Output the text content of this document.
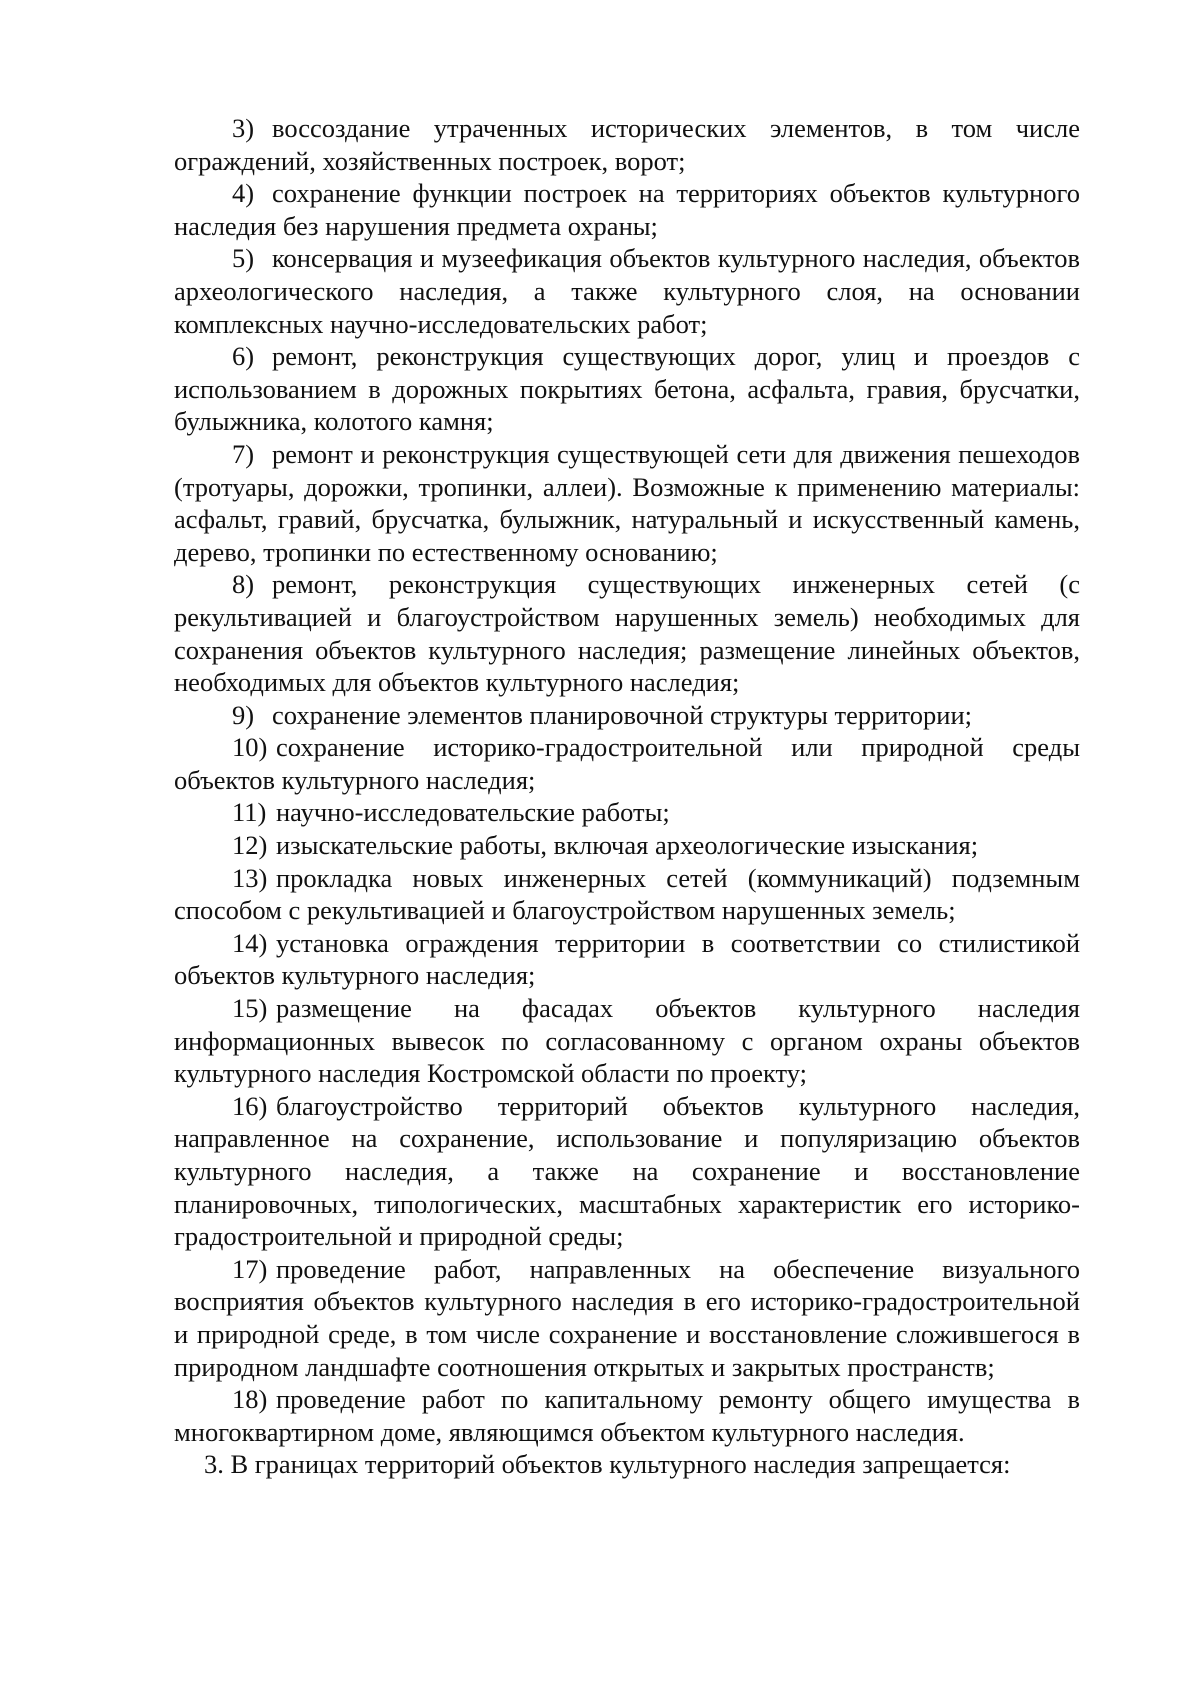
3) воссоздание утраченных исторических элементов, в том числе ограждений, хозяйственных построек, ворот;

4) сохранение функции построек на территориях объектов культурного наследия без нарушения предмета охраны;

5) консервация и музеефикация объектов культурного наследия, объектов археологического наследия, а также культурного слоя, на основании комплексных научно-исследовательских работ;

6) ремонт, реконструкция существующих дорог, улиц и проездов с использованием в дорожных покрытиях бетона, асфальта, гравия, брусчатки, булыжника, колотого камня;

7) ремонт и реконструкция существующей сети для движения пешеходов (тротуары, дорожки, тропинки, аллеи). Возможные к применению материалы: асфальт, гравий, брусчатка, булыжник, натуральный и искусственный камень, дерево, тропинки по естественному основанию;

8) ремонт, реконструкция существующих инженерных сетей (с рекультивацией и благоустройством нарушенных земель) необходимых для сохранения объектов культурного наследия; размещение линейных объектов, необходимых для объектов культурного наследия;

9) сохранение элементов планировочной структуры территории;

10) сохранение историко-градостроительной или природной среды объектов культурного наследия;

11) научно-исследовательские работы;

12) изыскательские работы, включая археологические изыскания;

13) прокладка новых инженерных сетей (коммуникаций) подземным способом с рекультивацией и благоустройством нарушенных земель;

14) установка ограждения территории в соответствии со стилистикой объектов культурного наследия;

15) размещение на фасадах объектов культурного наследия информационных вывесок по согласованному с органом охраны объектов культурного наследия Костромской области по проекту;

16) благоустройство территорий объектов культурного наследия, направленное на сохранение, использование и популяризацию объектов культурного наследия, а также на сохранение и восстановление планировочных, типологических, масштабных характеристик его историко-градостроительной и природной среды;

17) проведение работ, направленных на обеспечение визуального восприятия объектов культурного наследия в его историко-градостроительной и природной среде, в том числе сохранение и восстановление сложившегося в природном ландшафте соотношения открытых и закрытых пространств;

18) проведение работ по капитальному ремонту общего имущества в многоквартирном доме, являющимся объектом культурного наследия.

3. В границах территорий объектов культурного наследия запрещается:
